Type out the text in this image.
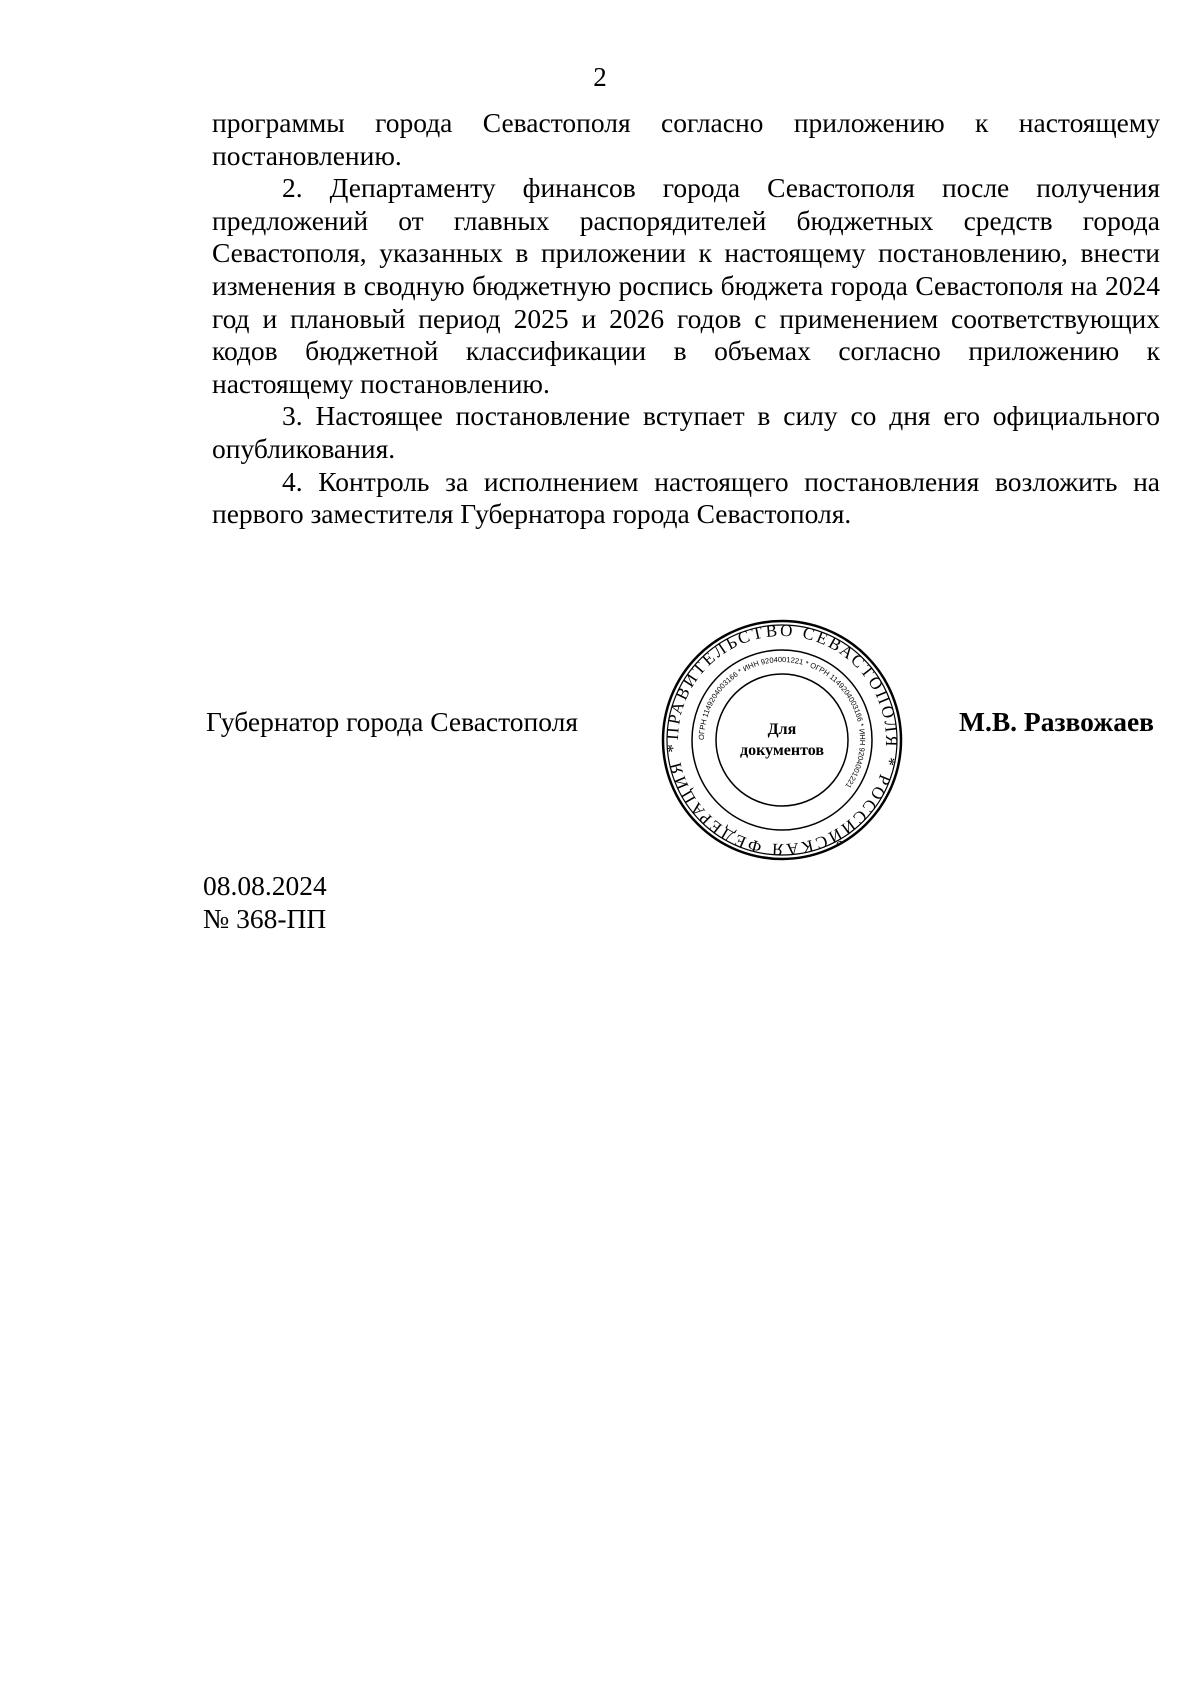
2

программы города Севастополя согласно приложению к настоящему постановлению.

2. Департаменту финансов города Севастополя после получения предложений от главных распорядителей бюджетных средств города Севастополя, указанных в приложении к настоящему постановлению, внести изменения в сводную бюджетную роспись бюджета города Севастополя на 2024 год и плановый период 2025 и 2026 годов с применением соответствующих кодов бюджетной классификации в объемах согласно приложению к настоящему постановлению.

3. Настоящее постановление вступает в силу со дня его официального опубликования.

4. Контроль за исполнением настоящего постановления возложить на первого заместителя Губернатора города Севастополя.

Губернатор города Севастополя	ПРАВИТЕЛЬСТВО СЕВАСТОПОЛЯ * РОССИЙСКАЯ ФЕДЕРАЦИЯ *
ОГРН 1149204003166 * ИНН 9204001221 * ОГРН 1149204003166 * ИНН 9204001221
Для
документов
М.В. Развожаев
08.08.2024
№ 368-ПП
